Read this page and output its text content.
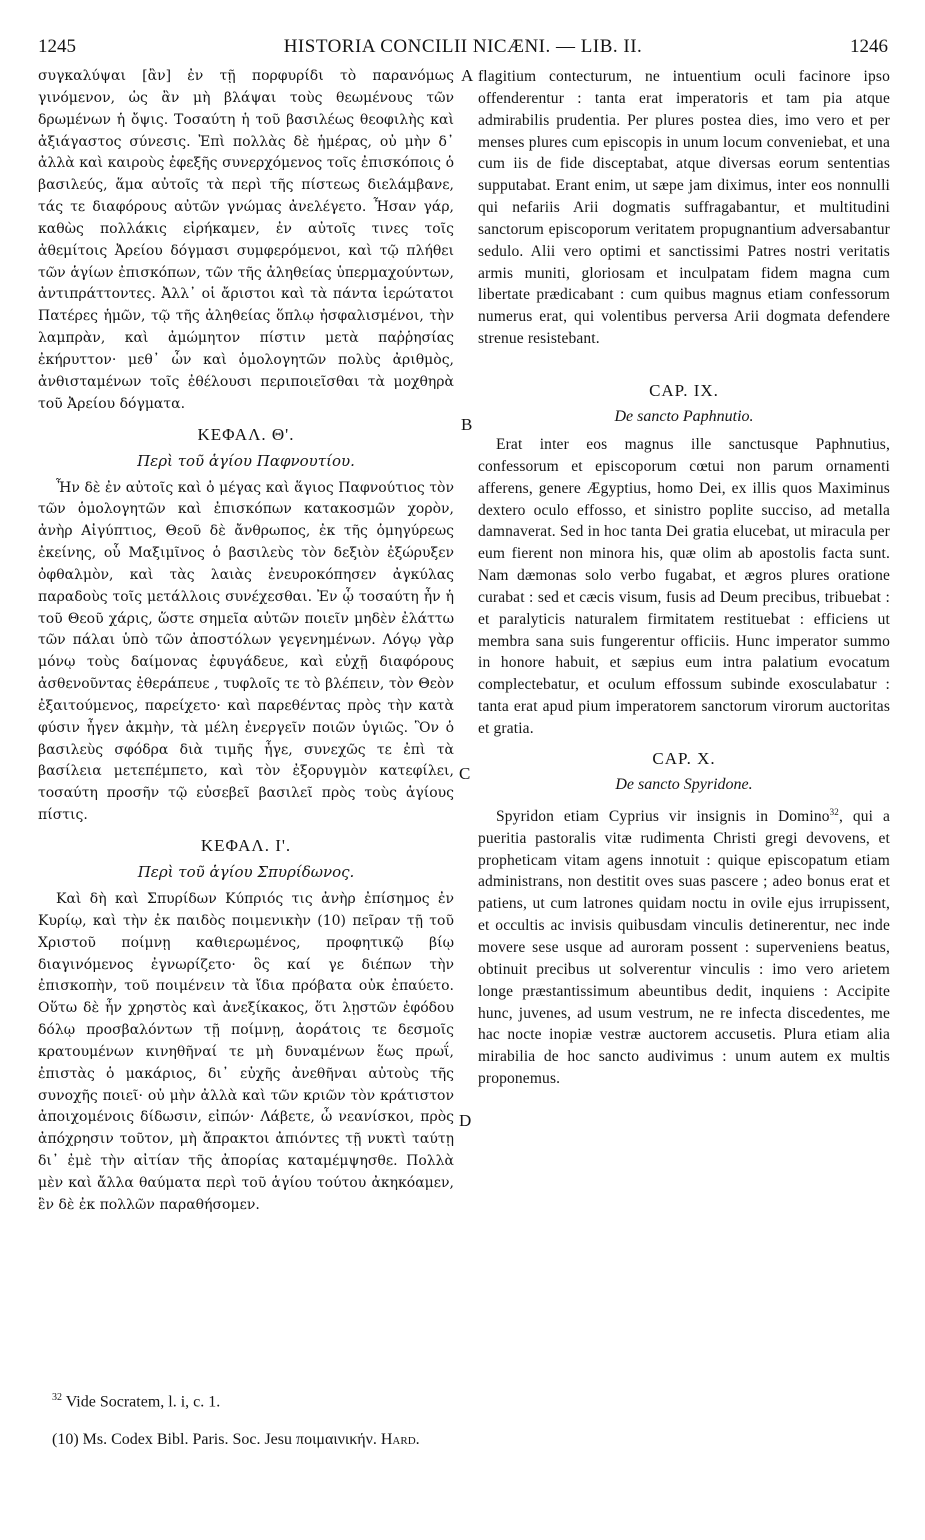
1245	HISTORIA CONCILII NICÆNI. — LIB. II.	1246

συγκαλύψαι [ἂν] ἐν τῇ πορφυρίδι τὸ παρανόμως γινόμενον, ὡς ἂν μὴ βλάψαι τοὺς θεωμένους τῶν δρωμένων ἡ ὄψις. Τοσαύτη ἡ τοῦ βασιλέως θεοφιλὴς καὶ ἀξιάγαστος σύνεσις. Ἐπὶ πολλὰς δὲ ἡμέρας, οὐ μὴν δ᾽ ἀλλὰ καὶ καιροὺς ἐφεξῆς συνερχόμενος τοῖς ἐπισκόποις ὁ βασιλεύς, ἅμα αὐτοῖς τὰ περὶ τῆς πίστεως διελάμβανε, τάς τε διαφόρους αὐτῶν γνώμας ἀνελέγετο. Ἦσαν γάρ, καθὼς πολλάκις εἰρήκαμεν, ἐν αὐτοῖς τινες τοῖς ἀθεμίτοις Ἀρείου δόγμασι συμφερόμενοι, καὶ τῷ πλήθει τῶν ἁγίων ἐπισκόπων, τῶν τῆς ἀληθείας ὑπερμαχούντων, ἀντιπράττοντες. Ἀλλ᾽ οἱ ἄριστοι καὶ τὰ πάντα ἱερώτατοι Πατέρες ἡμῶν, τῷ τῆς ἀληθείας ὅπλῳ ἠσφαλισμένοι, τὴν λαμπρὰν, καὶ ἀμώμητον πίστιν μετὰ παῤῥησίας ἐκήρυττον· μεθ᾽ ὧν καὶ ὁμολογητῶν πολὺς ἀριθμὸς, ἀνθισταμένων τοῖς ἐθέλουσι περιποιεῖσθαι τὰ μοχθηρὰ τοῦ Ἀρείου δόγματα.

ΚΕΦΑΛ. Θ'.

Περὶ τοῦ ἁγίου Παφνουτίου.

Ἦν δὲ ἐν αὐτοῖς καὶ ὁ μέγας καὶ ἅγιος Παφνούτιος τὸν τῶν ὁμολογητῶν καὶ ἐπισκόπων κατακοσμῶν χορὸν, ἀνὴρ Αἰγύπτιος, Θεοῦ δὲ ἄνθρωπος, ἐκ τῆς ὁμηγύρεως ἐκείνης, οὗ Μαξιμῖνος ὁ βασιλεὺς τὸν δεξιὸν ἐξώρυξεν ὀφθαλμὸν, καὶ τὰς λαιὰς ἐνευροκόπησεν ἀγκύλας παραδοὺς τοῖς μετάλλοις συνέχεσθαι. Ἐν ᾧ τοσαύτη ἦν ἡ τοῦ Θεοῦ χάρις, ὥστε σημεῖα αὐτῶν ποιεῖν μηδὲν ἐλάττω τῶν πάλαι ὑπὸ τῶν ἀποστόλων γεγενημένων. Λόγῳ γὰρ μόνῳ τοὺς δαίμονας ἐφυγάδευε, καὶ εὐχῇ διαφόρους ἀσθενοῦντας ἐθεράπευε , τυφλοῖς τε τὸ βλέπειν, τὸν Θεὸν ἐξαιτούμενος, παρείχετο· καὶ παρεθέντας πρὸς τὴν κατὰ φύσιν ἦγεν ἀκμὴν, τὰ μέλη ἐνεργεῖν ποιῶν ὑγιῶς. Ὃν ὁ βασιλεὺς σφόδρα διὰ τιμῆς ἦγε, συνεχῶς τε ἐπὶ τὰ βασίλεια μετεπέμπετο, καὶ τὸν ἐξορυγμὸν κατεφίλει, τοσαύτη προσῆν τῷ εὐσεβεῖ βασιλεῖ πρὸς τοὺς ἁγίους πίστις.

ΚΕΦΑΛ. Ι'.

Περὶ τοῦ ἁγίου Σπυρίδωνος.

Καὶ δὴ καὶ Σπυρίδων Κύπριός τις ἀνὴρ ἐπίσημος ἐν Κυρίῳ, καὶ τὴν ἐκ παιδὸς ποιμενικὴν (10) πεῖραν τῇ τοῦ Χριστοῦ ποίμνῃ καθιερωμένος, προφητικῷ βίῳ διαγινόμενος ἐγνωρίζετο· ὃς καί γε διέπων τὴν ἐπισκοπὴν, τοῦ ποιμένειν τὰ ἴδια πρόβατα οὐκ ἐπαύετο. Οὕτω δὲ ἦν χρηστὸς καὶ ἀνεξίκακος, ὅτι λῃστῶν ἐφόδου δόλῳ προσβαλόντων τῇ ποίμνῃ, ἀοράτοις τε δεσμοῖς κρατουμένων κινηθῆναί τε μὴ δυναμένων ἕως πρωΐ, ἐπιστὰς ὁ μακάριος, δι᾽ εὐχῆς ἀνεθῆναι αὐτοὺς τῆς συνοχῆς ποιεῖ· οὐ μὴν ἀλλὰ καὶ τῶν κριῶν τὸν κράτιστον ἀποιχομένοις δίδωσιν, εἰπών· Λάβετε, ὦ νεανίσκοι, πρὸς ἀπόχρησιν τοῦτον, μὴ ἄπρακτοι ἀπιόντες τῇ νυκτὶ ταύτῃ δι᾽ ἐμὲ τὴν αἰτίαν τῆς ἀπορίας καταμέμψησθε. Πολλὰ μὲν καὶ ἄλλα θαύματα περὶ τοῦ ἁγίου τούτου ἀκηκόαμεν, ἓν δὲ ἐκ πολλῶν παραθήσομεν.

A
B
C
D

flagitium contecturum, ne intuentium oculi facinore ipso offenderentur : tanta erat imperatoris et tam pia atque admirabilis prudentia. Per plures postea dies, imo vero et per menses plures cum episcopis in unum locum conveniebat, et una cum iis de fide disceptabat, atque diversas eorum sententias supputabat. Erant enim, ut sæpe jam diximus, inter eos nonnulli qui nefariis Arii dogmatis suffragabantur, et multitudini sanctorum episcoporum veritatem propugnantium adversabantur sedulo. Alii vero optimi et sanctissimi Patres nostri veritatis armis muniti, gloriosam et inculpatam fidem magna cum libertate prædicabant : cum quibus magnus etiam confessorum numerus erat, qui volentibus perversa Arii dogmata defendere strenue resistebant.

CAP. IX.

De sancto Paphnutio.

Erat inter eos magnus ille sanctusque Paphnutius, confessorum et episcoporum cœtui non parum ornamenti afferens, genere Ægyptius, homo Dei, ex illis quos Maximinus dextero oculo effosso, et sinistro poplite succiso, ad metalla damnaverat. Sed in hoc tanta Dei gratia elucebat, ut miracula per eum fierent non minora his, quæ olim ab apostolis facta sunt. Nam dæmonas solo verbo fugabat, et ægros plures oratione curabat : sed et cæcis visum, fusis ad Deum precibus, tribuebat : et paralyticis naturalem firmitatem restituebat : efficiens ut membra sana suis fungerentur officiis. Hunc imperator summo in honore habuit, et sæpius eum intra palatium evocatum complectebatur, et oculum effossum subinde exosculabatur : tanta erat apud pium imperatorem sanctorum virorum auctoritas et gratia.

CAP. X.

De sancto Spyridone.

Spyridon etiam Cyprius vir insignis in Domino$^{32}$, qui a pueritia pastoralis vitæ rudimenta Christi gregi devovens, et propheticam vitam agens innotuit : quique episcopatum etiam administrans, non destitit oves suas pascere ; adeo bonus erat et patiens, ut cum latrones quidam noctu in ovile ejus irrupissent, et occultis ac invisis quibusdam vinculis detinerentur, nec inde movere sese usque ad auroram possent : superveniens beatus, obtinuit precibus ut solverentur vinculis : imo vero arietem longe præstantissimum abeuntibus dedit, inquiens : Accipite hunc, juvenes, ad usum vestrum, ne re infecta discedentes, me hac nocte inopiæ vestræ auctorem accusetis. Plura etiam alia mirabilia de hoc sancto audivimus : unum autem ex multis proponemus.

$^{32}$ Vide Socratem, l. i, c. 1.

(10) Ms. Codex Bibl. Paris. Soc. Jesu ποιμαινικήν. Hard.
